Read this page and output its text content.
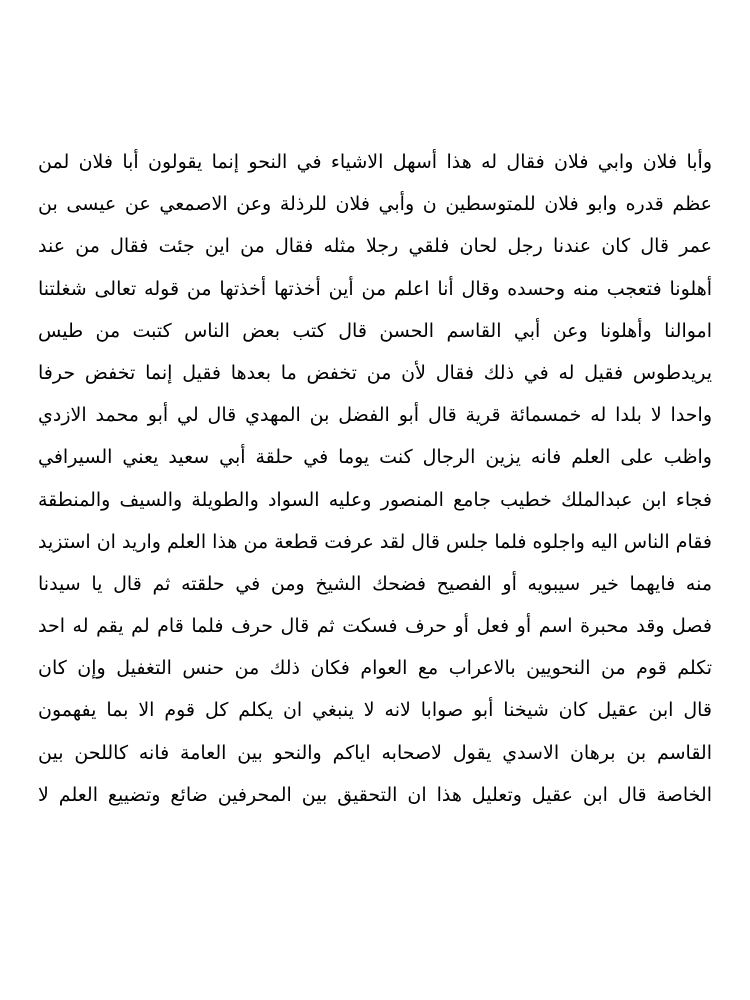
وأبا فلان وابي فلان فقال له هذا أسهل الاشياء في النحو إنما يقولون أبا فلان لمن
عظم قدره وابو فلان للمتوسطين ن وأبي فلان للرذلة وعن الاصمعي عن عيسى بن
عمر قال كان عندنا رجل لحان فلقي رجلا مثله فقال من اين جئت فقال من عند
أهلونا فتعجب منه وحسده وقال أنا اعلم من أين أخذتها أخذتها من قوله تعالى شغلتنا
اموالنا وأهلونا وعن أبي القاسم الحسن قال كتب بعض الناس كتبت من طيس
يريدطوس فقيل له في ذلك فقال لأن من تخفض ما بعدها فقيل إنما تخفض حرفا
واحدا لا بلدا له خمسمائة قرية قال أبو الفضل بن المهدي قال لي أبو محمد الازدي
واظب على العلم فانه يزين الرجال كنت يوما في حلقة أبي سعيد يعني السيرافي
فجاء ابن عبدالملك خطيب جامع المنصور وعليه السواد والطويلة والسيف والمنطقة
فقام الناس اليه واجلوه فلما جلس قال لقد عرفت قطعة من هذا العلم واريد ان استزيد
منه فايهما خير سيبويه أو الفصيح فضحك الشيخ ومن في حلقته ثم قال يا سيدنا
فصل وقد محبرة اسم أو فعل أو حرف فسكت ثم قال حرف فلما قام لم يقم له احد
تكلم قوم من النحويين بالاعراب مع العوام فكان ذلك من حنس التغفيل وإن كان
قال ابن عقيل كان شيخنا أبو صوابا لانه لا ينبغي ان يكلم كل قوم الا بما يفهمون
القاسم بن برهان الاسدي يقول لاصحابه اياكم والنحو بين العامة فانه كاللحن بين
الخاصة قال ابن عقيل وتعليل هذا ان التحقيق بين المحرفين ضائع وتضييع العلم لا
